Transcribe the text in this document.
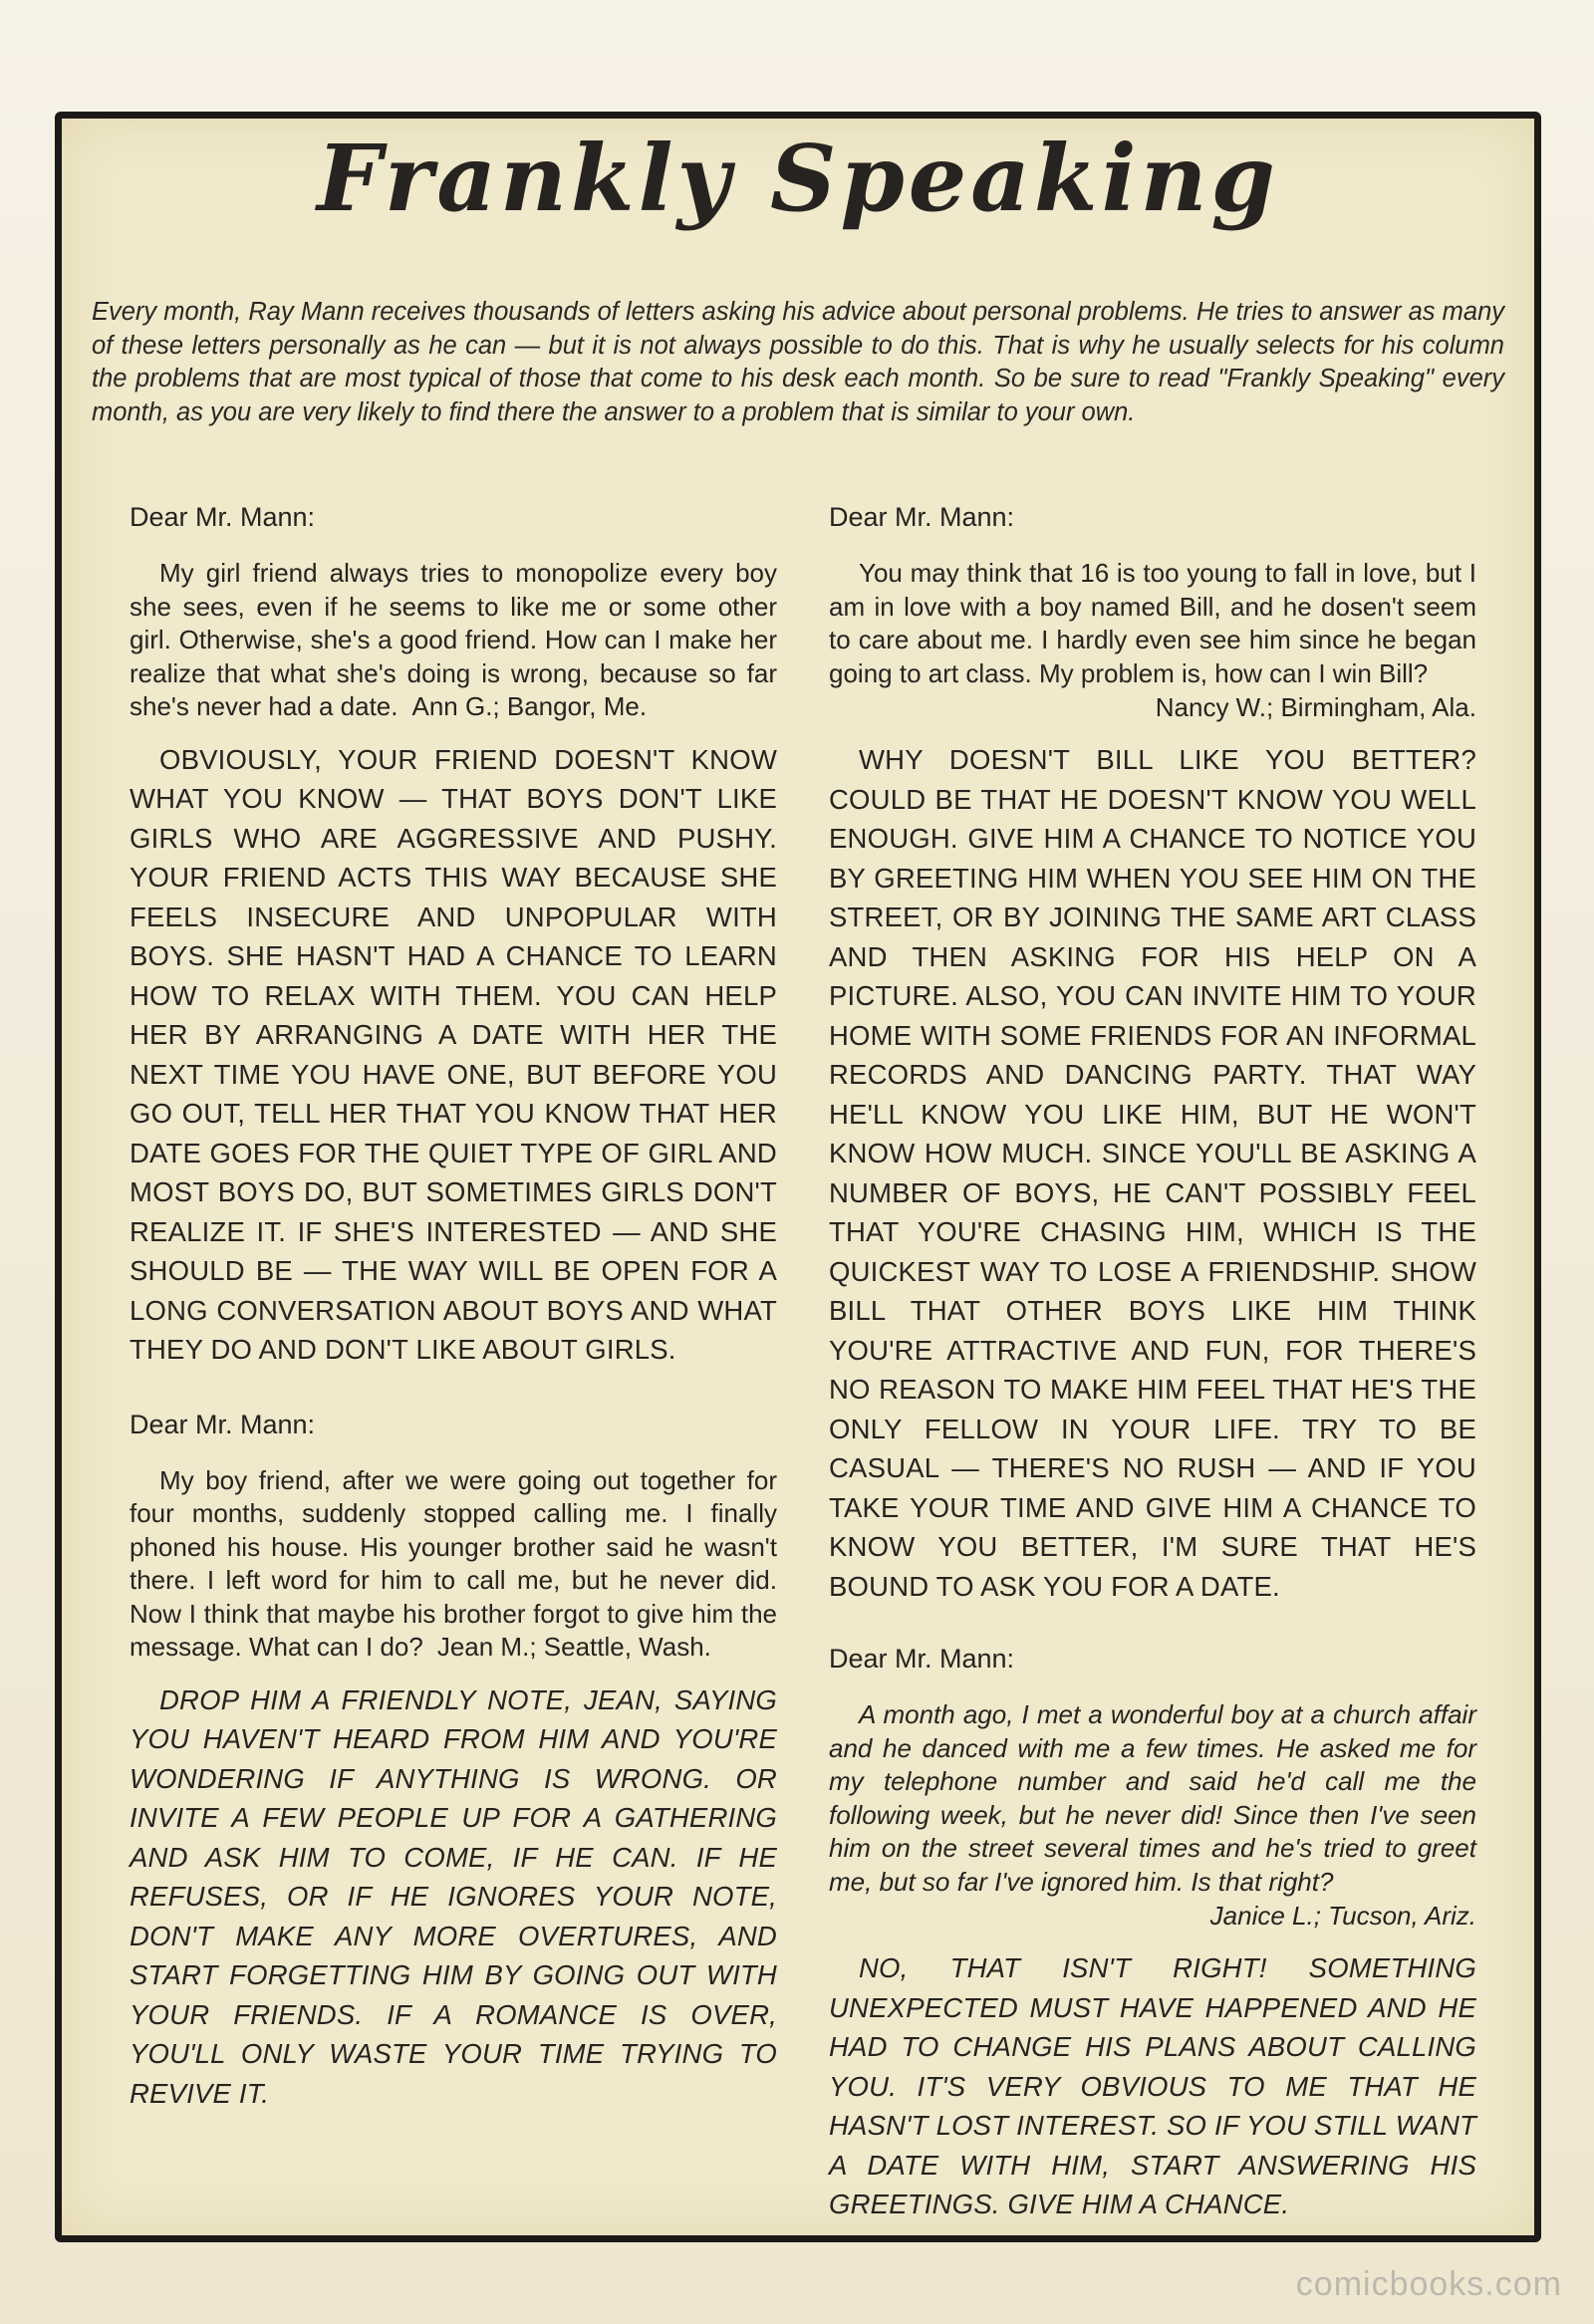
Frankly Speaking
Every month, Ray Mann receives thousands of letters asking his advice about personal problems. He tries to answer as many of these letters personally as he can — but it is not always possible to do this. That is why he usually selects for his column the problems that are most typical of those that come to his desk each month. So be sure to read "Frankly Speaking" every month, as you are very likely to find there the answer to a problem that is similar to your own.

Dear Mr. Mann:

My girl friend always tries to monopolize every boy she sees, even if he seems to like me or some other girl. Otherwise, she's a good friend. How can I make her realize that what she's doing is wrong, because so far she's never had a date. Ann G.; Bangor, Me.

OBVIOUSLY, YOUR FRIEND DOESN'T KNOW WHAT YOU KNOW — THAT BOYS DON'T LIKE GIRLS WHO ARE AGGRESSIVE AND PUSHY. YOUR FRIEND ACTS THIS WAY BECAUSE SHE FEELS INSECURE AND UNPOPULAR WITH BOYS. SHE HASN'T HAD A CHANCE TO LEARN HOW TO RELAX WITH THEM. YOU CAN HELP HER BY ARRANGING A DATE WITH HER THE NEXT TIME YOU HAVE ONE, BUT BEFORE YOU GO OUT, TELL HER THAT YOU KNOW THAT HER DATE GOES FOR THE QUIET TYPE OF GIRL AND MOST BOYS DO, BUT SOMETIMES GIRLS DON'T REALIZE IT. IF SHE'S INTERESTED — AND SHE SHOULD BE — THE WAY WILL BE OPEN FOR A LONG CONVERSATION ABOUT BOYS AND WHAT THEY DO AND DON'T LIKE ABOUT GIRLS.

Dear Mr. Mann:

My boy friend, after we were going out together for four months, suddenly stopped calling me. I finally phoned his house. His younger brother said he wasn't there. I left word for him to call me, but he never did. Now I think that maybe his brother forgot to give him the message. What can I do? Jean M.; Seattle, Wash.

DROP HIM A FRIENDLY NOTE, JEAN, SAYING YOU HAVEN'T HEARD FROM HIM AND YOU'RE WONDERING IF ANYTHING IS WRONG. OR INVITE A FEW PEOPLE UP FOR A GATHERING AND ASK HIM TO COME, IF HE CAN. IF HE REFUSES, OR IF HE IGNORES YOUR NOTE, DON'T MAKE ANY MORE OVERTURES, AND START FORGETTING HIM BY GOING OUT WITH YOUR FRIENDS. IF A ROMANCE IS OVER, YOU'LL ONLY WASTE YOUR TIME TRYING TO REVIVE IT.

Dear Mr. Mann:

You may think that 16 is too young to fall in love, but I am in love with a boy named Bill, and he dosen't seem to care about me. I hardly even see him since he began going to art class. My problem is, how can I win Bill?

Nancy W.; Birmingham, Ala.

WHY DOESN'T BILL LIKE YOU BETTER? COULD BE THAT HE DOESN'T KNOW YOU WELL ENOUGH. GIVE HIM A CHANCE TO NOTICE YOU BY GREETING HIM WHEN YOU SEE HIM ON THE STREET, OR BY JOINING THE SAME ART CLASS AND THEN ASKING FOR HIS HELP ON A PICTURE. ALSO, YOU CAN INVITE HIM TO YOUR HOME WITH SOME FRIENDS FOR AN INFORMAL RECORDS AND DANCING PARTY. THAT WAY HE'LL KNOW YOU LIKE HIM, BUT HE WON'T KNOW HOW MUCH. SINCE YOU'LL BE ASKING A NUMBER OF BOYS, HE CAN'T POSSIBLY FEEL THAT YOU'RE CHASING HIM, WHICH IS THE QUICKEST WAY TO LOSE A FRIENDSHIP. SHOW BILL THAT OTHER BOYS LIKE HIM THINK YOU'RE ATTRACTIVE AND FUN, FOR THERE'S NO REASON TO MAKE HIM FEEL THAT HE'S THE ONLY FELLOW IN YOUR LIFE. TRY TO BE CASUAL — THERE'S NO RUSH — AND IF YOU TAKE YOUR TIME AND GIVE HIM A CHANCE TO KNOW YOU BETTER, I'M SURE THAT HE'S BOUND TO ASK YOU FOR A DATE.

Dear Mr. Mann:

A month ago, I met a wonderful boy at a church affair and he danced with me a few times. He asked me for my telephone number and said he'd call me the following week, but he never did! Since then I've seen him on the street several times and he's tried to greet me, but so far I've ignored him. Is that right?

Janice L.; Tucson, Ariz.

NO, THAT ISN'T RIGHT! SOMETHING UNEXPECTED MUST HAVE HAPPENED AND HE HAD TO CHANGE HIS PLANS ABOUT CALLING YOU. IT'S VERY OBVIOUS TO ME THAT HE HASN'T LOST INTEREST. SO IF YOU STILL WANT A DATE WITH HIM, START ANSWERING HIS GREETINGS. GIVE HIM A CHANCE.

comicbooks.com
